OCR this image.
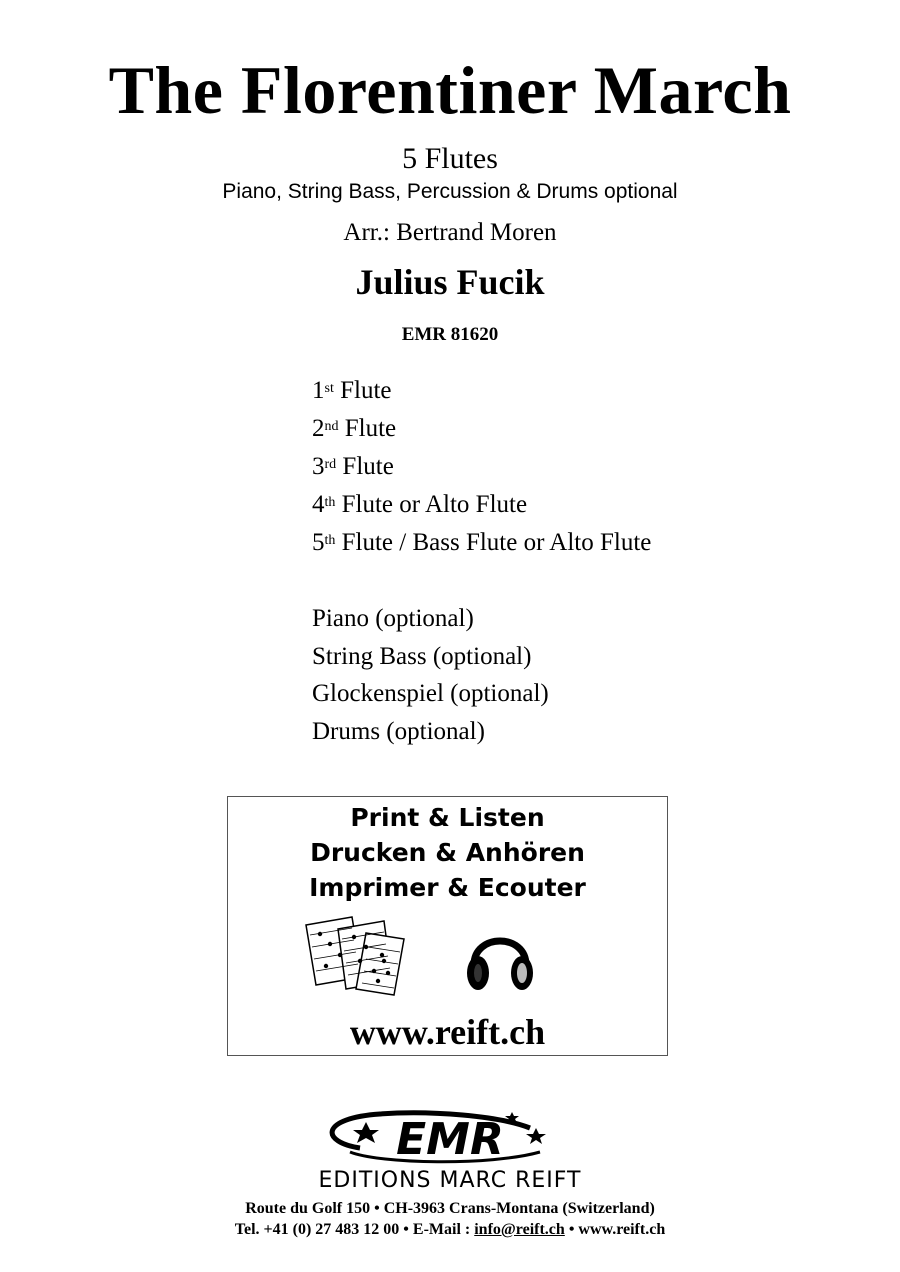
The Florentiner March
5 Flutes
Piano, String Bass, Percussion & Drums optional
Arr.: Bertrand Moren
Julius Fucik
EMR 81620
1st Flute
2nd Flute
3rd Flute
4th Flute or Alto Flute
5th Flute / Bass Flute or Alto Flute
Piano (optional)
String Bass (optional)
Glockenspiel (optional)
Drums (optional)
Print & Listen
Drucken & Anhören
Imprimer & Ecouter
www.reift.ch
EMR
EDITIONS MARC REIFT
Route du Golf 150 • CH-3963 Crans-Montana (Switzerland)
Tel. +41 (0) 27 483 12 00 • E-Mail : info@reift.ch • www.reift.ch
